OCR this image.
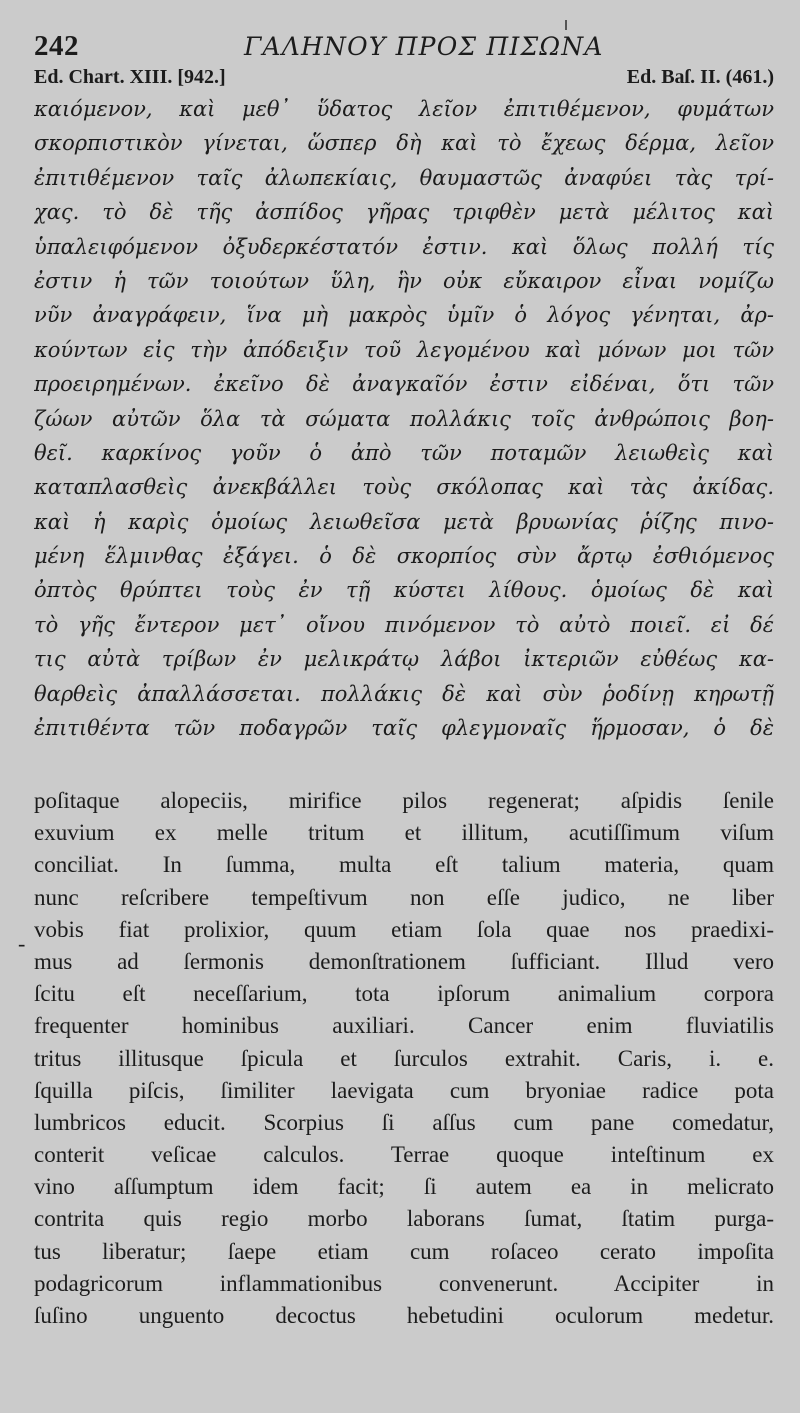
242	ΓΑΛΗΝΟΥ ΠΡΟΣ ΠΙΣΩΝΑ
Ed. Chart. XIII. [942.]	Ed. Baſ. II. (461.)
καιόμενον, καὶ μεθ᾽ ὕδατος λεῖον ἐπιτιθέμενον, φυμάτων
σκορπιστικὸν γίνεται, ὥσπερ δὴ καὶ τὸ ἔχεως δέρμα, λεῖον
ἐπιτιθέμενον ταῖς ἀλωπεκίαις, θαυμαστῶς ἀναφύει τὰς τρί-
χας. τὸ δὲ τῆς ἀσπίδος γῆρας τριφθὲν μετὰ μέλιτος καὶ
ὑπαλειφόμενον ὀξυδερκέστατόν ἐστιν. καὶ ὅλως πολλή τίς
ἐστιν ἡ τῶν τοιούτων ὕλη, ἣν οὐκ εὔκαιρον εἶναι νομίζω
νῦν ἀναγράφειν, ἵνα μὴ μακρὸς ὑμῖν ὁ λόγος γένηται, ἀρ-
κούντων εἰς τὴν ἀπόδειξιν τοῦ λεγομένου καὶ μόνων μοι τῶν
προειρημένων. ἐκεῖνο δὲ ἀναγκαῖόν ἐστιν εἰδέναι, ὅτι τῶν
ζώων αὐτῶν ὅλα τὰ σώματα πολλάκις τοῖς ἀνθρώποις βοη-
θεῖ. καρκίνος γοῦν ὁ ἀπὸ τῶν ποταμῶν λειωθεὶς καὶ
καταπλασθεὶς ἀνεκβάλλει τοὺς σκόλοπας καὶ τὰς ἀκίδας.
καὶ ἡ καρὶς ὁμοίως λειωθεῖσα μετὰ βρυωνίας ῥίζης πινο-
μένη ἕλμινθας ἐξάγει. ὁ δὲ σκορπίος σὺν ἄρτῳ ἐσθιόμενος
ὀπτὸς θρύπτει τοὺς ἐν τῇ κύστει λίθους. ὁμοίως δὲ καὶ
τὸ γῆς ἔντερον μετ᾽ οἴνου πινόμενον τὸ αὐτὸ ποιεῖ. εἰ δέ
τις αὐτὰ τρίβων ἐν μελικράτῳ λάβοι ἰκτεριῶν εὐθέως κα-
θαρθεὶς ἀπαλλάσσεται. πολλάκις δὲ καὶ σὺν ῥοδίνῃ κηρωτῇ
ἐπιτιθέντα τῶν ποδαγρῶν ταῖς φλεγμοναῖς ἥρμοσαν, ὁ δὲ
-
poſitaque alopeciis, mirifice pilos regenerat; aſpidis ſenile
exuvium ex melle tritum et illitum, acutiſſimum viſum
conciliat. In ſumma, multa eſt talium materia, quam
nunc reſcribere tempeſtivum non eſſe judico, ne liber
vobis fiat prolixior, quum etiam ſola quae nos praedixi-
mus ad ſermonis demonſtrationem ſufficiant. Illud vero
ſcitu eſt neceſſarium, tota ipſorum animalium corpora
frequenter hominibus auxiliari. Cancer enim fluviatilis
tritus illitusque ſpicula et ſurculos extrahit. Caris, i. e.
ſquilla piſcis, ſimiliter laevigata cum bryoniae radice pota
lumbricos educit. Scorpius ſi aſſus cum pane comedatur,
conterit veſicae calculos. Terrae quoque inteſtinum ex
vino aſſumptum idem facit; ſi autem ea in melicrato
contrita quis regio morbo laborans ſumat, ſtatim purga-
tus liberatur; ſaepe etiam cum roſaceo cerato impoſita
podagricorum inflammationibus convenerunt. Accipiter in
ſuſino unguento decoctus hebetudini oculorum medetur.
